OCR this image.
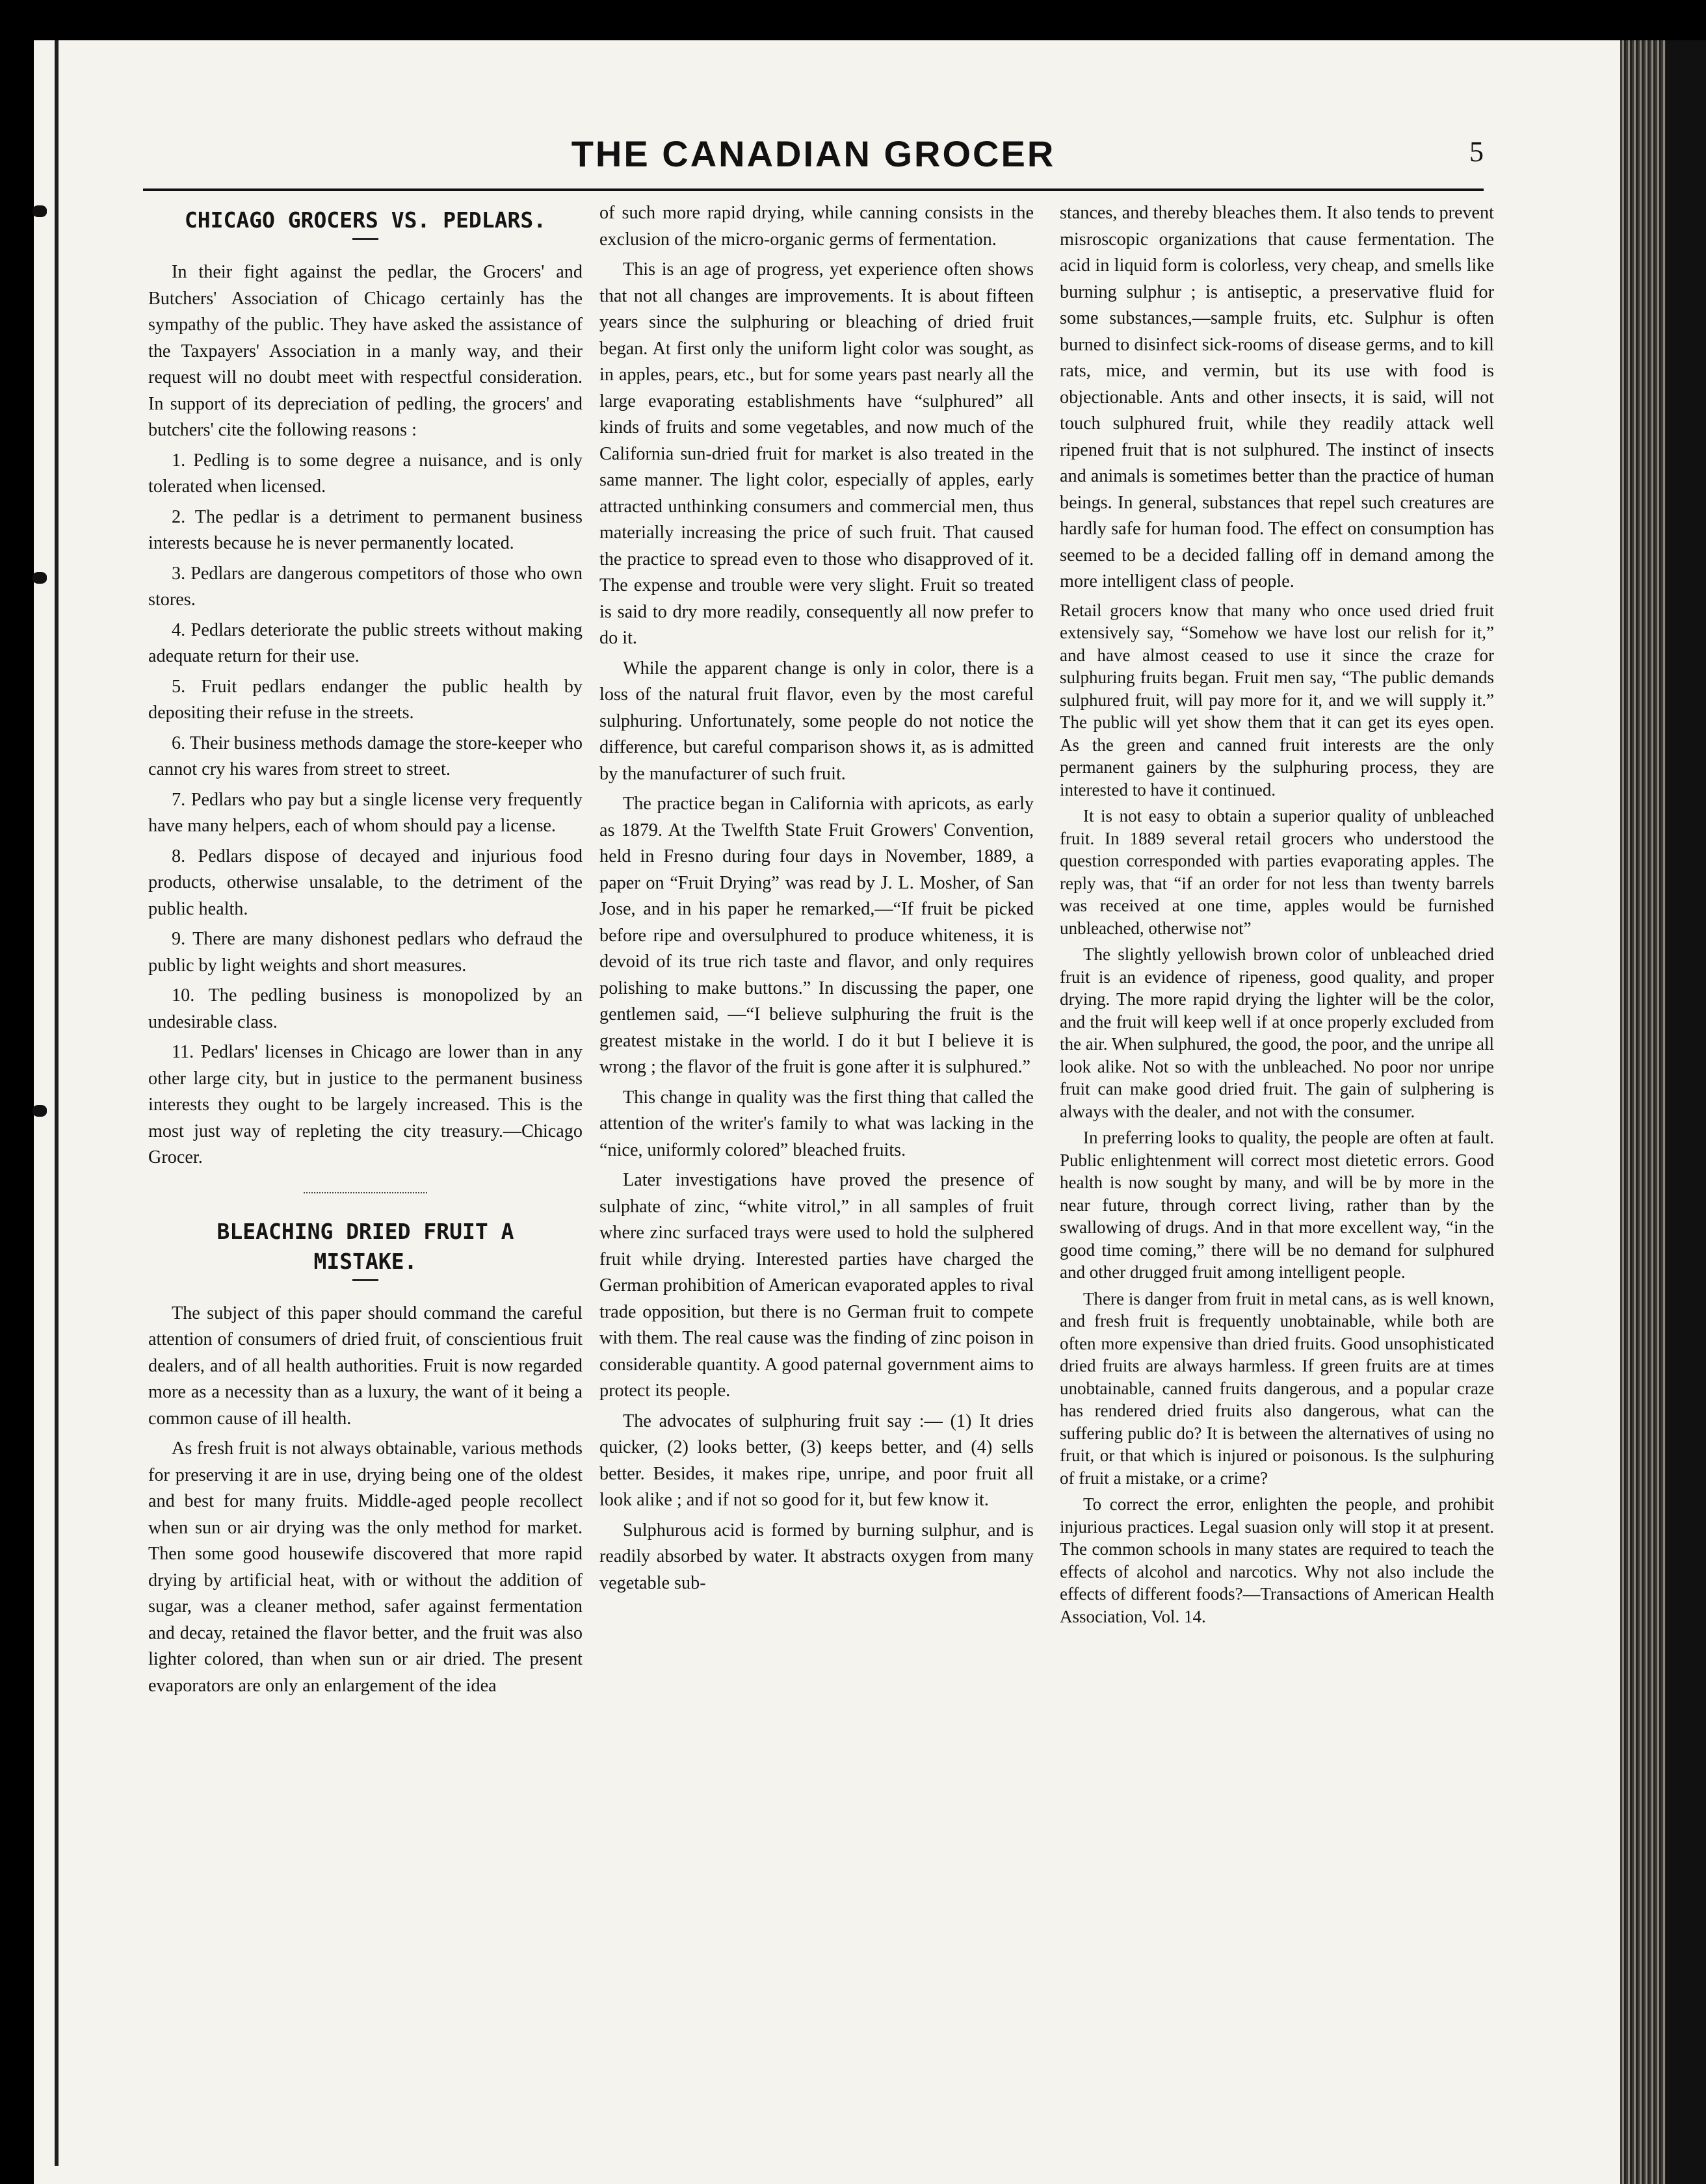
THE CANADIAN GROCER	5
CHICAGO GROCERS VS. PEDLARS.

In their fight against the pedlar, the Grocers' and Butchers' Association of Chicago certainly has the sympathy of the public. They have asked the assistance of the Taxpayers' Association in a manly way, and their request will no doubt meet with respectful consideration. In support of its depreciation of pedling, the grocers' and butchers' cite the following reasons :

1. Pedling is to some degree a nuisance, and is only tolerated when licensed.

2. The pedlar is a detriment to permanent business interests because he is never permanently located.

3. Pedlars are dangerous competitors of those who own stores.

4. Pedlars deteriorate the public streets without making adequate return for their use.

5. Fruit pedlars endanger the public health by depositing their refuse in the streets.

6. Their business methods damage the store-keeper who cannot cry his wares from street to street.

7. Pedlars who pay but a single license very frequently have many helpers, each of whom should pay a license.

8. Pedlars dispose of decayed and injurious food products, otherwise unsalable, to the detriment of the public health.

9. There are many dishonest pedlars who defraud the public by light weights and short measures.

10. The pedling business is monopolized by an undesirable class.

11. Pedlars' licenses in Chicago are lower than in any other large city, but in justice to the permanent business interests they ought to be largely increased. This is the most just way of repleting the city treasury.—Chicago Grocer.

BLEACHING DRIED FRUIT A
MISTAKE.

The subject of this paper should command the careful attention of consumers of dried fruit, of conscientious fruit dealers, and of all health authorities. Fruit is now regarded more as a necessity than as a luxury, the want of it being a common cause of ill health.

As fresh fruit is not always obtainable, various methods for preserving it are in use, drying being one of the oldest and best for many fruits. Middle-aged people recollect when sun or air drying was the only method for market. Then some good housewife discovered that more rapid drying by artificial heat, with or without the addition of sugar, was a cleaner method, safer against fermentation and decay, retained the flavor better, and the fruit was also lighter colored, than when sun or air dried. The present evaporators are only an enlargement of the idea

of such more rapid drying, while canning consists in the exclusion of the micro-organic germs of fermentation.

This is an age of progress, yet experience often shows that not all changes are improvements. It is about fifteen years since the sulphuring or bleaching of dried fruit began. At first only the uniform light color was sought, as in apples, pears, etc., but for some years past nearly all the large evaporating establishments have “sulphured” all kinds of fruits and some vegetables, and now much of the California sun-dried fruit for market is also treated in the same manner. The light color, especially of apples, early attracted unthinking consumers and commercial men, thus materially increasing the price of such fruit. That caused the practice to spread even to those who disapproved of it. The expense and trouble were very slight. Fruit so treated is said to dry more readily, consequently all now prefer to do it.

While the apparent change is only in color, there is a loss of the natural fruit flavor, even by the most careful sulphuring. Unfortunately, some people do not notice the difference, but careful comparison shows it, as is admitted by the manufacturer of such fruit.

The practice began in California with apricots, as early as 1879. At the Twelfth State Fruit Growers' Convention, held in Fresno during four days in November, 1889, a paper on “Fruit Drying” was read by J. L. Mosher, of San Jose, and in his paper he remarked,—“If fruit be picked before ripe and oversulphured to produce whiteness, it is devoid of its true rich taste and flavor, and only requires polishing to make buttons.” In discussing the paper, one gentlemen said, —“I believe sulphuring the fruit is the greatest mistake in the world. I do it but I believe it is wrong ; the flavor of the fruit is gone after it is sulphured.”

This change in quality was the first thing that called the attention of the writer's family to what was lacking in the “nice, uniformly colored” bleached fruits.

Later investigations have proved the presence of sulphate of zinc, “white vitrol,” in all samples of fruit where zinc surfaced trays were used to hold the sulphered fruit while drying. Interested parties have charged the German prohibition of American evaporated apples to rival trade opposition, but there is no German fruit to compete with them. The real cause was the finding of zinc poison in considerable quantity. A good paternal government aims to protect its people.

The advocates of sulphuring fruit say :— (1) It dries quicker, (2) looks better, (3) keeps better, and (4) sells better. Besides, it makes ripe, unripe, and poor fruit all look alike ; and if not so good for it, but few know it.

Sulphurous acid is formed by burning sulphur, and is readily absorbed by water. It abstracts oxygen from many vegetable sub-

stances, and thereby bleaches them. It also tends to prevent misroscopic organizations that cause fermentation. The acid in liquid form is colorless, very cheap, and smells like burning sulphur ; is antiseptic, a preservative fluid for some substances,—sample fruits, etc. Sulphur is often burned to disinfect sick-rooms of disease germs, and to kill rats, mice, and vermin, but its use with food is objectionable. Ants and other insects, it is said, will not touch sulphured fruit, while they readily attack well ripened fruit that is not sulphured. The instinct of insects and animals is sometimes better than the practice of human beings. In general, substances that repel such creatures are hardly safe for human food. The effect on consumption has seemed to be a decided falling off in demand among the more intelligent class of people.

Retail grocers know that many who once used dried fruit extensively say, “Somehow we have lost our relish for it,” and have almost ceased to use it since the craze for sulphuring fruits began. Fruit men say, “The public demands sulphured fruit, will pay more for it, and we will supply it.” The public will yet show them that it can get its eyes open. As the green and canned fruit interests are the only permanent gainers by the sulphuring process, they are interested to have it continued.

It is not easy to obtain a superior quality of unbleached fruit. In 1889 several retail grocers who understood the question corresponded with parties evaporating apples. The reply was, that “if an order for not less than twenty barrels was received at one time, apples would be furnished unbleached, otherwise not”

The slightly yellowish brown color of unbleached dried fruit is an evidence of ripeness, good quality, and proper drying. The more rapid drying the lighter will be the color, and the fruit will keep well if at once properly excluded from the air. When sulphured, the good, the poor, and the unripe all look alike. Not so with the unbleached. No poor nor unripe fruit can make good dried fruit. The gain of sulphering is always with the dealer, and not with the consumer.

In preferring looks to quality, the people are often at fault. Public enlightenment will correct most dietetic errors. Good health is now sought by many, and will be by more in the near future, through correct living, rather than by the swallowing of drugs. And in that more excellent way, “in the good time coming,” there will be no demand for sulphured and other drugged fruit among intelligent people.

There is danger from fruit in metal cans, as is well known, and fresh fruit is frequently unobtainable, while both are often more expensive than dried fruits. Good unsophisticated dried fruits are always harmless. If green fruits are at times unobtainable, canned fruits dangerous, and a popular craze has rendered dried fruits also dangerous, what can the suffering public do? It is between the alternatives of using no fruit, or that which is injured or poisonous. Is the sulphuring of fruit a mistake, or a crime?

To correct the error, enlighten the people, and prohibit injurious practices. Legal suasion only will stop it at present. The common schools in many states are required to teach the effects of alcohol and narcotics. Why not also include the effects of different foods?—Transactions of American Health Association, Vol. 14.
